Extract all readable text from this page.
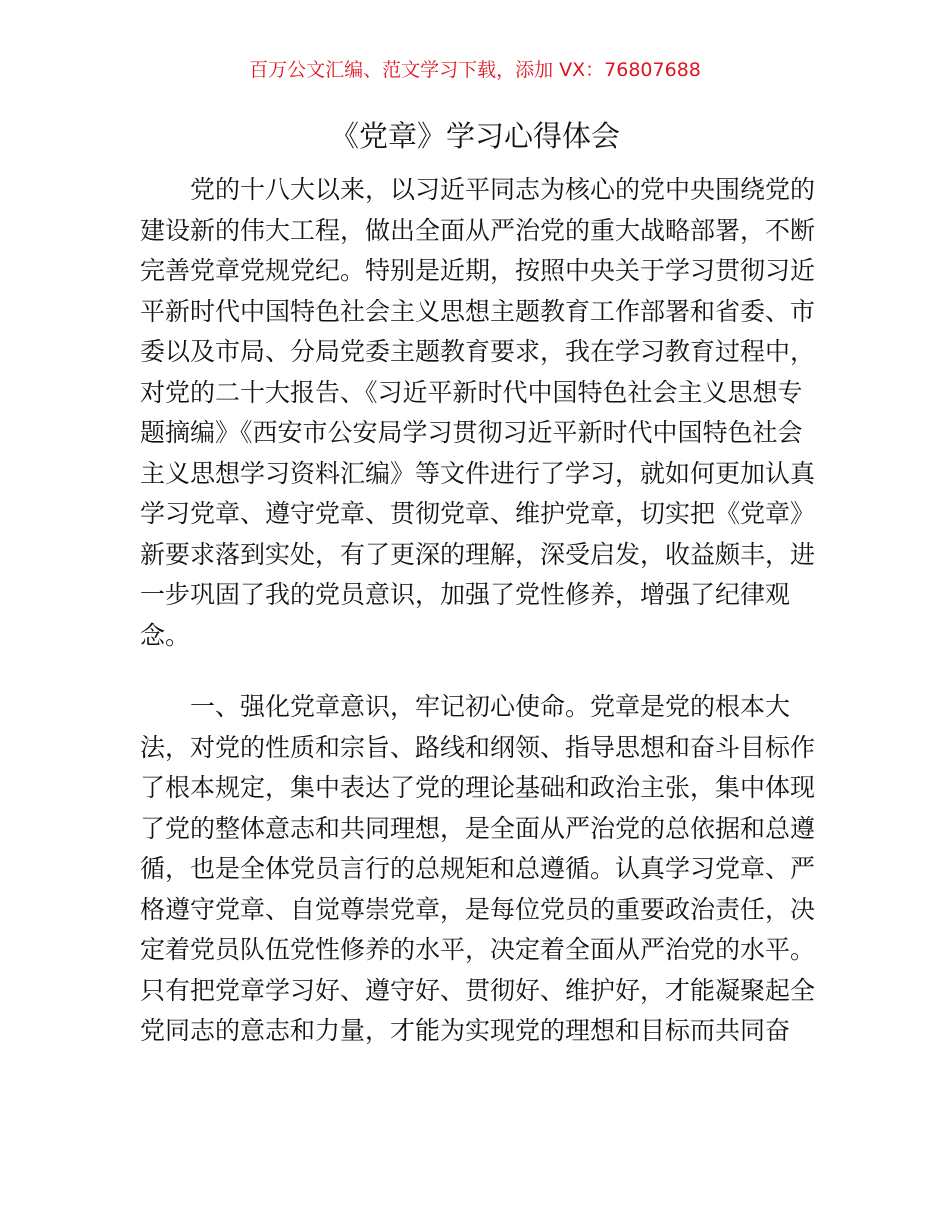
百万公文汇编、范文学习下载，添加 VX：76807688
《党章》学习心得体会
党的十八大以来，以习近平同志为核心的党中央围绕党的
建设新的伟大工程，做出全面从严治党的重大战略部署，不断
完善党章党规党纪。特别是近期，按照中央关于学习贯彻习近
平新时代中国特色社会主义思想主题教育工作部署和省委、市
委以及市局、分局党委主题教育要求，我在学习教育过程中，
对党的二十大报告、《习近平新时代中国特色社会主义思想专
题摘编》《西安市公安局学习贯彻习近平新时代中国特色社会
主义思想学习资料汇编》等文件进行了学习，就如何更加认真
学习党章、遵守党章、贯彻党章、维护党章，切实把《党章》
新要求落到实处，有了更深的理解，深受启发，收益颇丰，进
一步巩固了我的党员意识，加强了党性修养，增强了纪律观
念。
一、强化党章意识，牢记初心使命。党章是党的根本大
法，对党的性质和宗旨、路线和纲领、指导思想和奋斗目标作
了根本规定，集中表达了党的理论基础和政治主张，集中体现
了党的整体意志和共同理想，是全面从严治党的总依据和总遵
循，也是全体党员言行的总规矩和总遵循。认真学习党章、严
格遵守党章、自觉尊崇党章，是每位党员的重要政治责任，决
定着党员队伍党性修养的水平，决定着全面从严治党的水平。
只有把党章学习好、遵守好、贯彻好、维护好，才能凝聚起全
党同志的意志和力量，才能为实现党的理想和目标而共同奋
